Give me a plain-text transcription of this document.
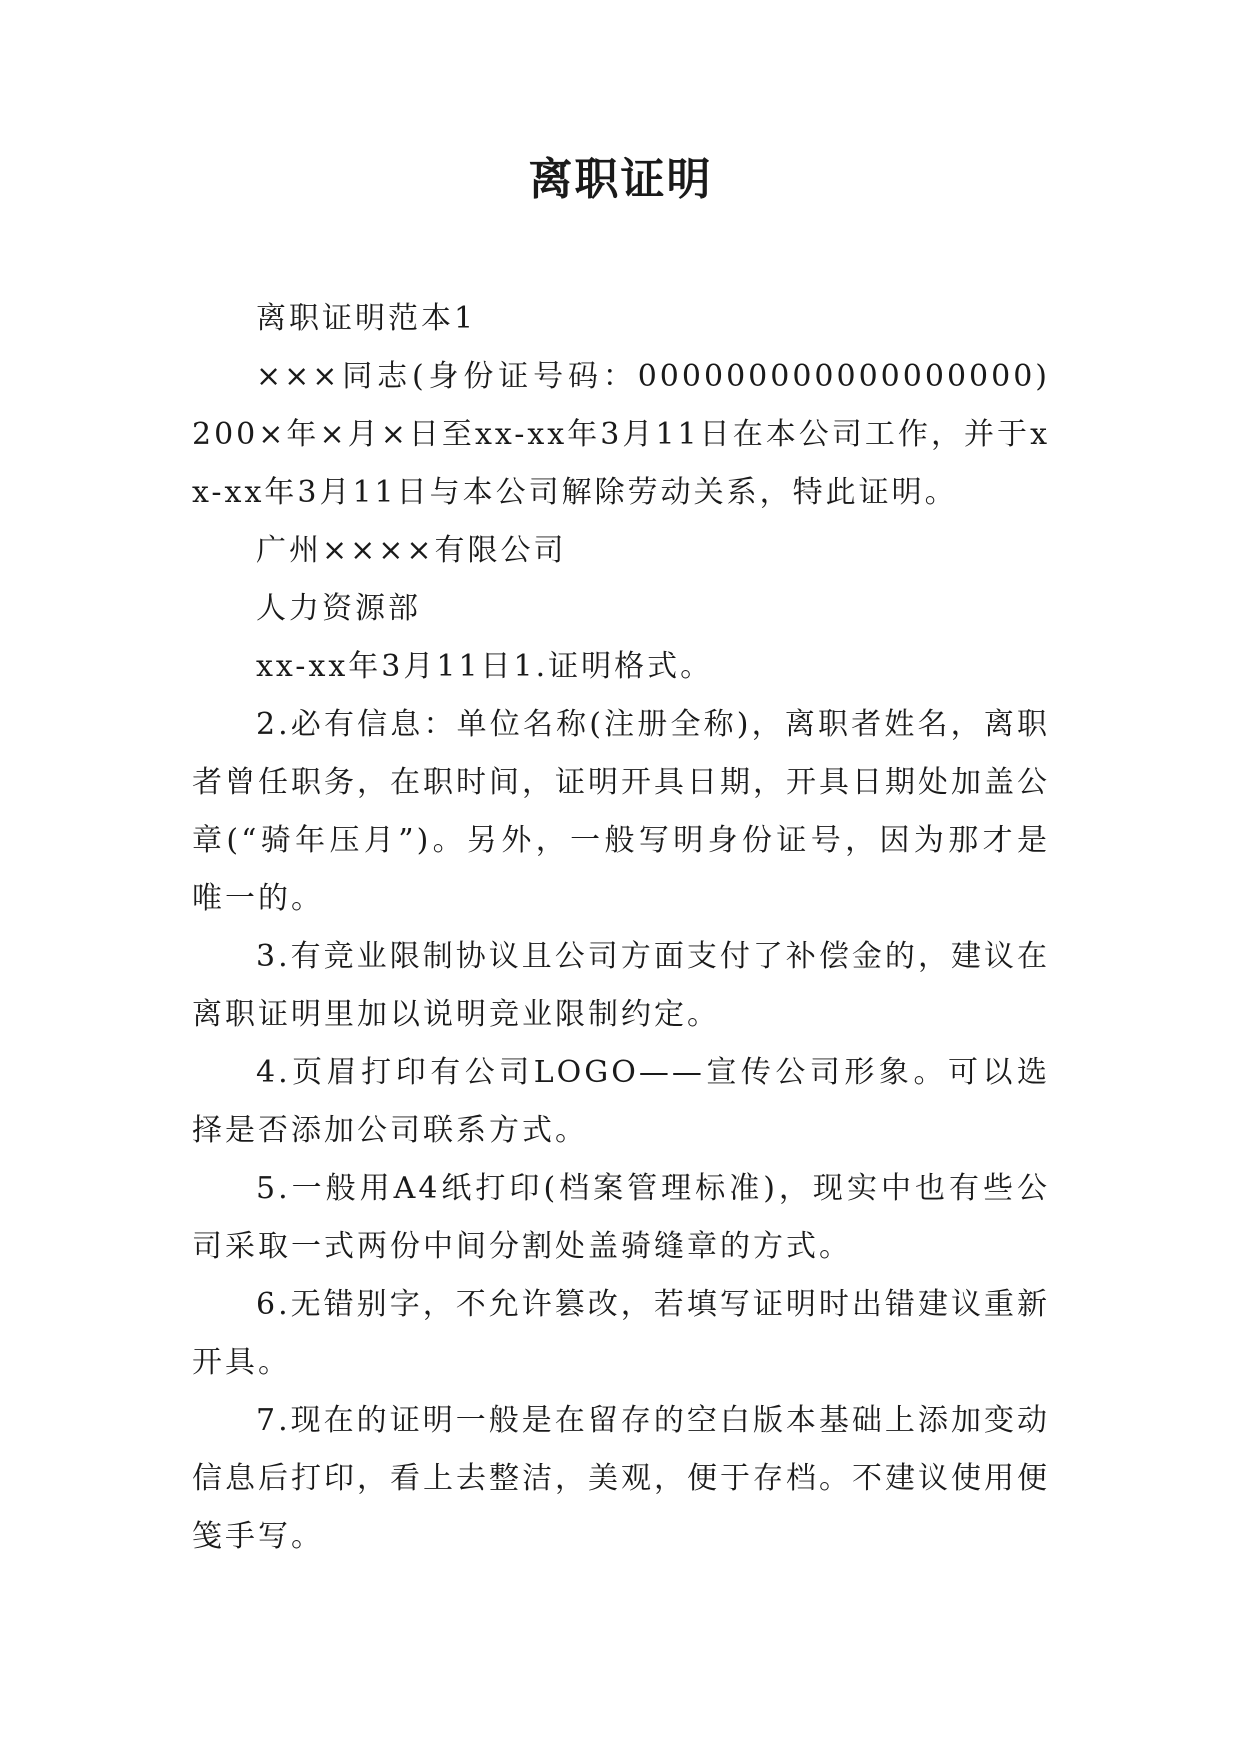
离职证明

离职证明范本1

×××同志(身份证号码：000000000000000000)200×年×月×日至xx-xx年3月11日在本公司工作，并于xx-xx年3月11日与本公司解除劳动关系，特此证明。

广州××××有限公司

人力资源部

xx-xx年3月11日1.证明格式。

2.必有信息：单位名称(注册全称)，离职者姓名，离职者曾任职务，在职时间，证明开具日期，开具日期处加盖公章(“骑年压月”)。另外，一般写明身份证号，因为那才是唯一的。

3.有竞业限制协议且公司方面支付了补偿金的，建议在离职证明里加以说明竞业限制约定。

4.页眉打印有公司LOGO——宣传公司形象。可以选择是否添加公司联系方式。

5.一般用A4纸打印(档案管理标准)，现实中也有些公司采取一式两份中间分割处盖骑缝章的方式。

6.无错别字，不允许篡改，若填写证明时出错建议重新开具。

7.现在的证明一般是在留存的空白版本基础上添加变动信息后打印，看上去整洁，美观，便于存档。不建议使用便笺手写。
